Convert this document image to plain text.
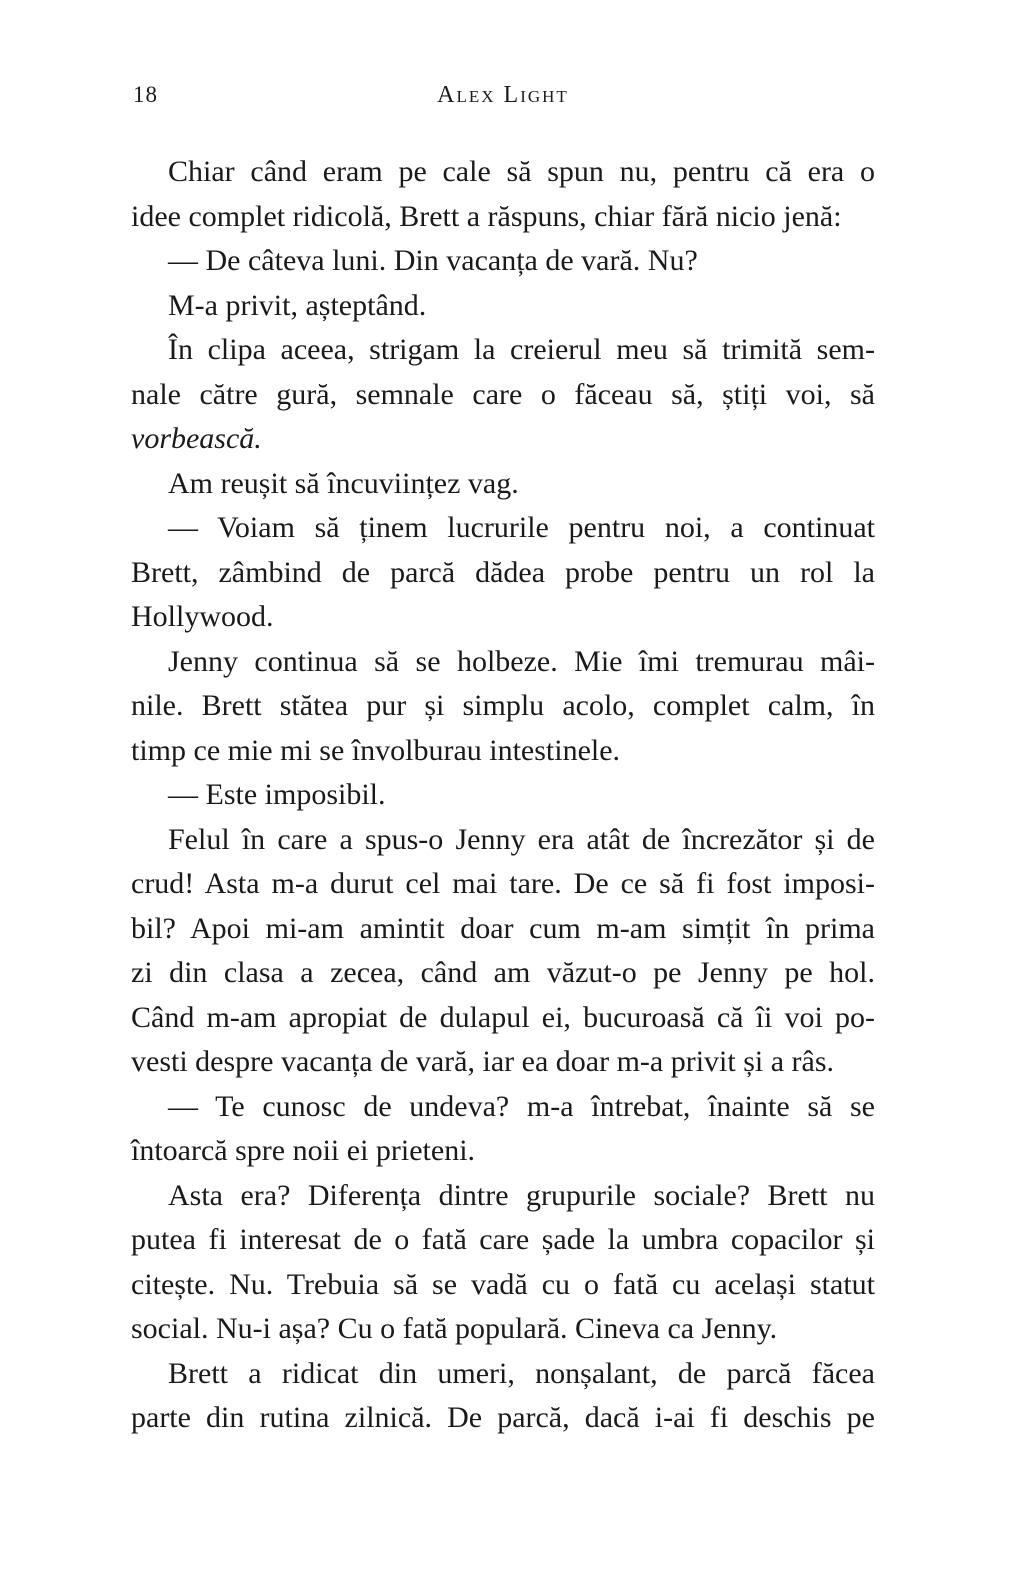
18	Alex Light
Chiar când eram pe cale să spun nu, pentru că era o
idee complet ridicolă, Brett a răspuns, chiar fără nicio jenă:
— De câteva luni. Din vacanța de vară. Nu?
M-a privit, așteptând.
În clipa aceea, strigam la creierul meu să trimită sem-
nale către gură, semnale care o făceau să, știți voi, să
vorbească.
Am reușit să încuviințez vag.
— Voiam să ținem lucrurile pentru noi, a continuat
Brett, zâmbind de parcă dădea probe pentru un rol la
Hollywood.
Jenny continua să se holbeze. Mie îmi tremurau mâi-
nile. Brett stătea pur și simplu acolo, complet calm, în
timp ce mie mi se învolburau intestinele.
— Este imposibil.
Felul în care a spus-o Jenny era atât de încrezător și de
crud! Asta m-a durut cel mai tare. De ce să fi fost imposi-
bil? Apoi mi-am amintit doar cum m-am simțit în prima
zi din clasa a zecea, când am văzut-o pe Jenny pe hol.
Când m-am apropiat de dulapul ei, bucuroasă că îi voi po-
vesti despre vacanța de vară, iar ea doar m-a privit și a râs.
— Te cunosc de undeva? m-a întrebat, înainte să se
întoarcă spre noii ei prieteni.
Asta era? Diferența dintre grupurile sociale? Brett nu
putea fi interesat de o fată care șade la umbra copacilor și
citește. Nu. Trebuia să se vadă cu o fată cu același statut
social. Nu-i așa? Cu o fată populară. Cineva ca Jenny.
Brett a ridicat din umeri, nonșalant, de parcă făcea
parte din rutina zilnică. De parcă, dacă i-ai fi deschis pe
